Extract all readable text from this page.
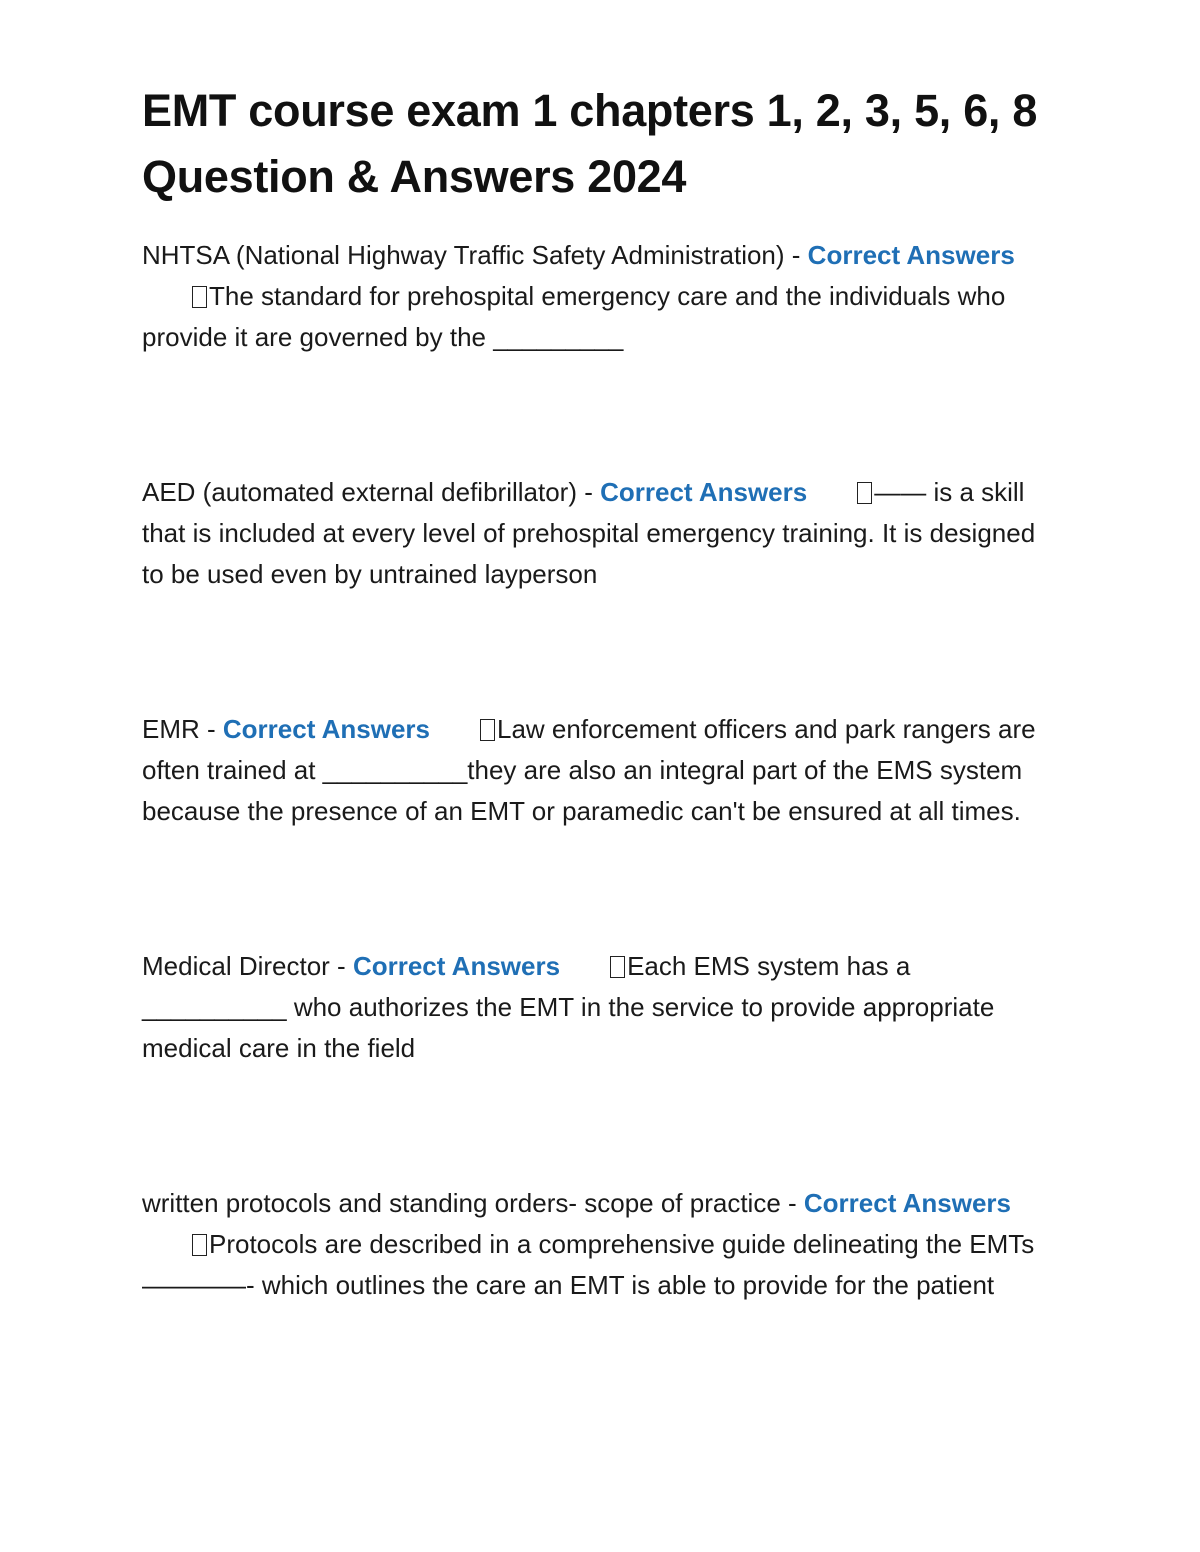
EMT course exam 1 chapters 1, 2, 3, 5, 6, 8 Question & Answers 2024

NHTSA (National Highway Traffic Safety Administration) - Correct AnswersThe standard for prehospital emergency care and the individuals who provide it are governed by the _________

AED (automated external defibrillator) - Correct Answers	—— is a skill that is included at every level of prehospital emergency training. It is designed to be used even by untrained layperson

EMR - Correct Answers	Law enforcement officers and park rangers are often trained at __________they are also an integral part of the EMS system because the presence of an EMT or paramedic can't be ensured at all times.

Medical Director - Correct Answers	Each EMS system has a __________ who authorizes the EMT in the service to provide appropriate medical care in the field

written protocols and standing orders- scope of practice - Correct AnswersProtocols are described in a comprehensive guide delineating the EMTs ————- which outlines the care an EMT is able to provide for the patient
